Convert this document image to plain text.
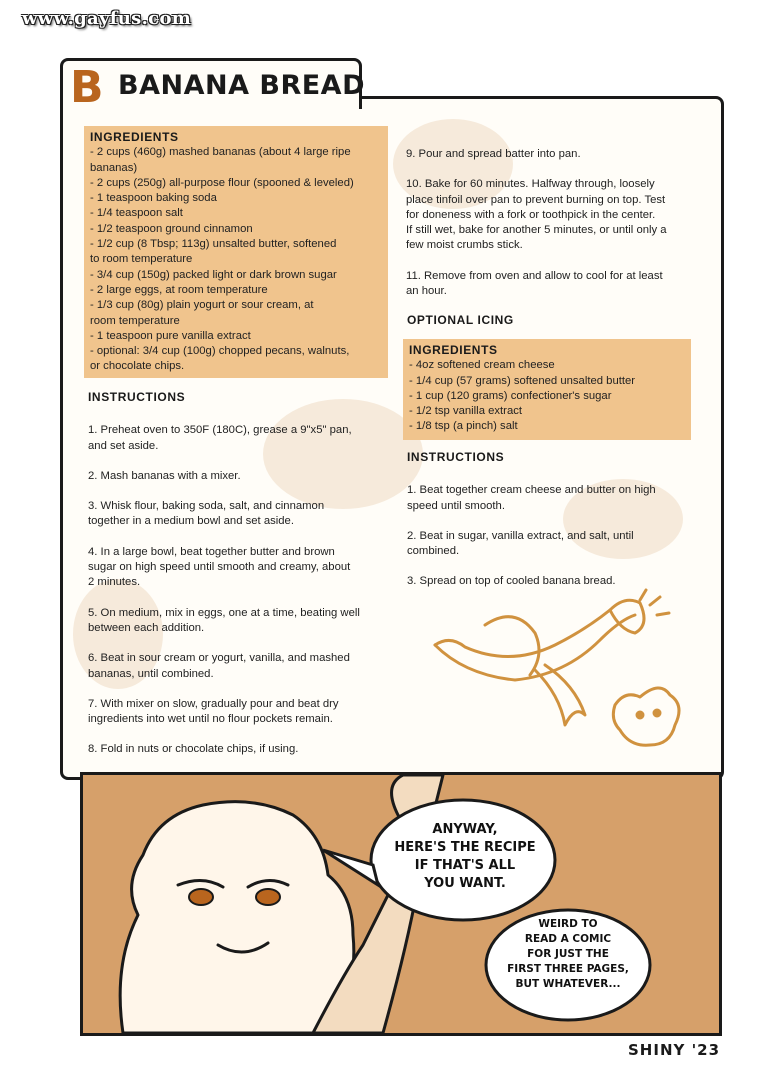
www.gayfus.com
B BANANA BREAD
INGREDIENTS
- 2 cups (460g) mashed bananas (about 4 large ripe
bananas)
- 2 cups (250g) all-purpose flour (spooned & leveled)
- 1 teaspoon baking soda
- 1/4 teaspoon salt
- 1/2 teaspoon ground cinnamon
- 1/2 cup (8 Tbsp; 113g) unsalted butter, softened
to room temperature
- 3/4 cup (150g) packed light or dark brown sugar
- 2 large eggs, at room temperature
- 1/3 cup (80g) plain yogurt or sour cream, at
room temperature
- 1 teaspoon pure vanilla extract
- optional: 3/4 cup (100g) chopped pecans, walnuts,
or chocolate chips.
INSTRUCTIONS
1. Preheat oven to 350F (180C), grease a 9"x5" pan,
and set aside.
2. Mash bananas with a mixer.
3. Whisk flour, baking soda, salt, and cinnamon
together in a medium bowl and set aside.
4. In a large bowl, beat together butter and brown
sugar on high speed until smooth and creamy, about
2 minutes.
5. On medium, mix in eggs, one at a time, beating well
between each addition.
6. Beat in sour cream or yogurt, vanilla, and mashed
bananas, until combined.
7. With mixer on slow, gradually pour and beat dry
ingredients into wet until no flour pockets remain.
8. Fold in nuts or chocolate chips, if using.
9. Pour and spread batter into pan.
10. Bake for 60 minutes. Halfway through, loosely
place tinfoil over pan to prevent burning on top. Test
for doneness with a fork or toothpick in the center.
If still wet, bake for another 5 minutes, or until only a
few moist crumbs stick.
11. Remove from oven and allow to cool for at least
an hour.
OPTIONAL ICING
INGREDIENTS
- 4oz softened cream cheese
- 1/4 cup (57 grams) softened unsalted butter
- 1 cup (120 grams) confectioner's sugar
- 1/2 tsp vanilla extract
- 1/8 tsp (a pinch) salt
INSTRUCTIONS
1. Beat together cream cheese and butter on high
speed until smooth.
2. Beat in sugar, vanilla extract, and salt, until
combined.
3. Spread on top of cooled banana bread.
ANYWAY,
HERE'S THE RECIPE
IF THAT'S ALL
YOU WANT.
WEIRD TO
READ A COMIC
FOR JUST THE
FIRST THREE PAGES,
BUT WHATEVER...
SHINY '23
